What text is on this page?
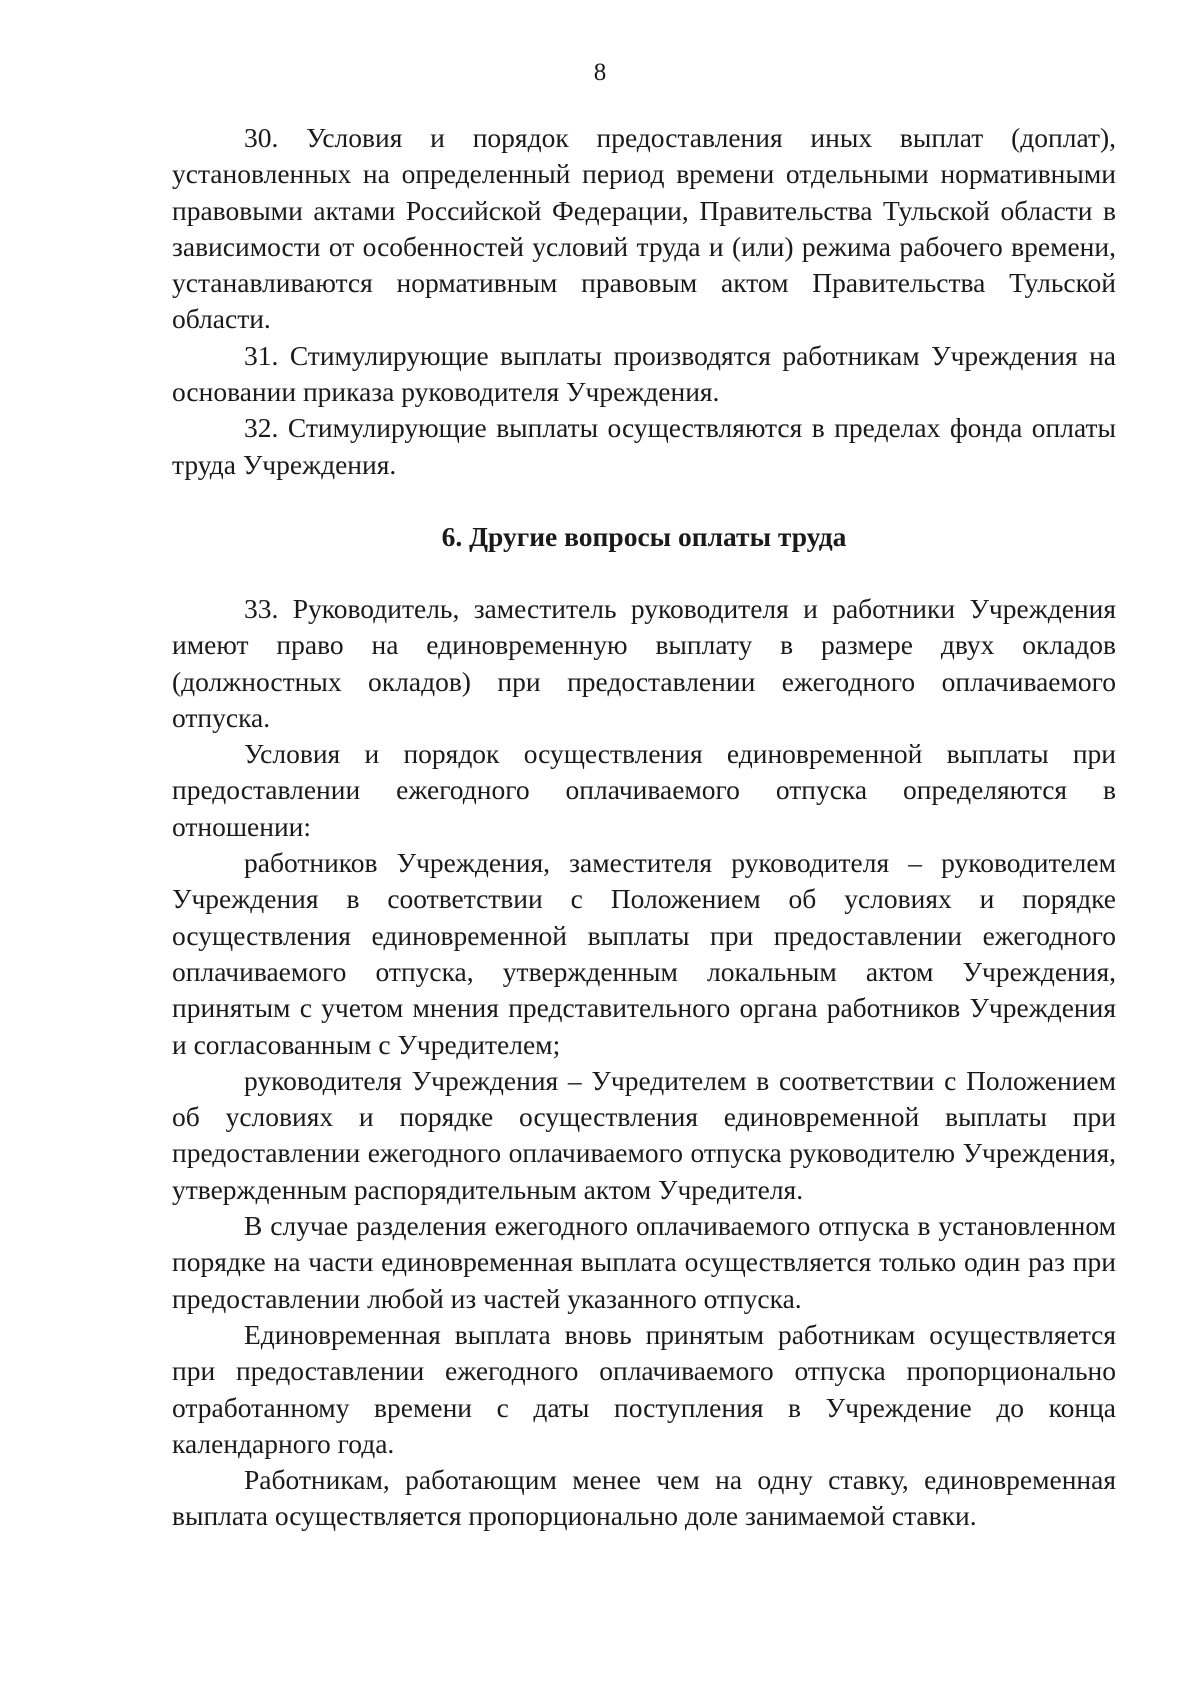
8

30. Условия и порядок предоставления иных выплат (доплат), установленных на определенный период времени отдельными нормативными правовыми актами Российской Федерации, Правительства Тульской области в зависимости от особенностей условий труда и (или) режима рабочего времени, устанавливаются нормативным правовым актом Правительства Тульской области.

31. Стимулирующие выплаты производятся работникам Учреждения на основании приказа руководителя Учреждения.

32. Стимулирующие выплаты осуществляются в пределах фонда оплаты труда Учреждения.

6. Другие вопросы оплаты труда

33. Руководитель, заместитель руководителя и работники Учреждения имеют право на единовременную выплату в размере двух окладов (должностных окладов) при предоставлении ежегодного оплачиваемого отпуска.

Условия и порядок осуществления единовременной выплаты при предоставлении ежегодного оплачиваемого отпуска определяются в отношении:

работников Учреждения, заместителя руководителя – руководителем Учреждения в соответствии с Положением об условиях и порядке осуществления единовременной выплаты при предоставлении ежегодного оплачиваемого отпуска, утвержденным локальным актом Учреждения, принятым с учетом мнения представительного органа работников Учреждения и согласованным с Учредителем;

руководителя Учреждения – Учредителем в соответствии с Положением об условиях и порядке осуществления единовременной выплаты при предоставлении ежегодного оплачиваемого отпуска руководителю Учреждения, утвержденным распорядительным актом Учредителя.

В случае разделения ежегодного оплачиваемого отпуска в установленном порядке на части единовременная выплата осуществляется только один раз при предоставлении любой из частей указанного отпуска.

Единовременная выплата вновь принятым работникам осуществляется при предоставлении ежегодного оплачиваемого отпуска пропорционально отработанному времени с даты поступления в Учреждение до конца календарного года.

Работникам, работающим менее чем на одну ставку, единовременная выплата осуществляется пропорционально доле занимаемой ставки.
